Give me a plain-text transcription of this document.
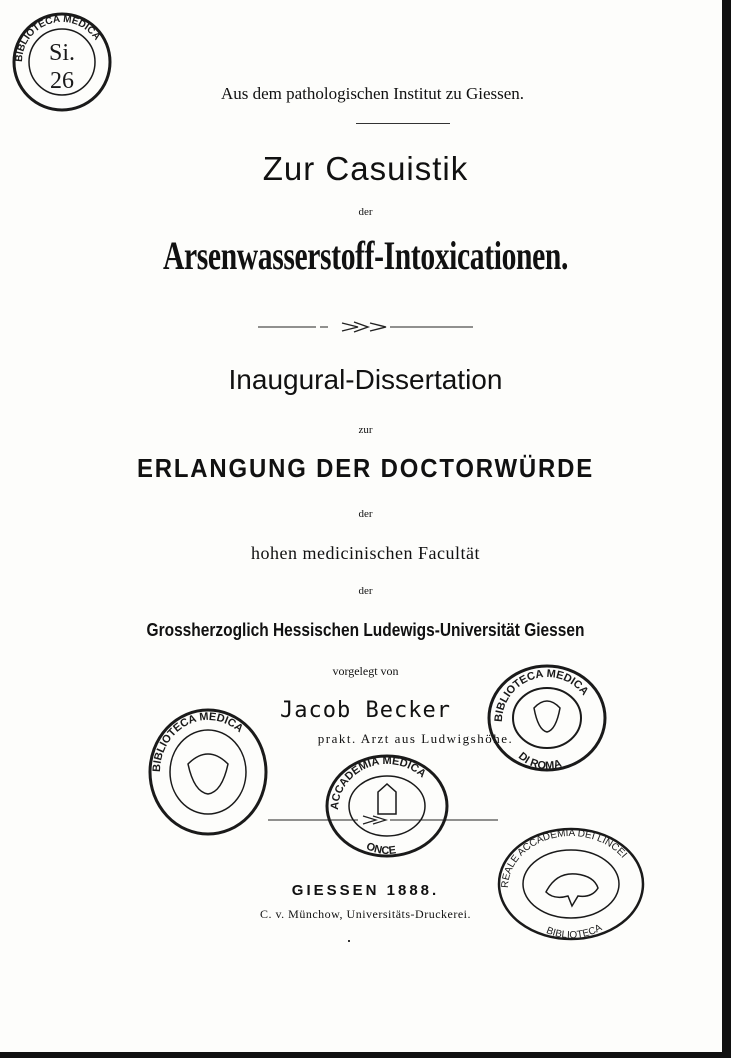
Aus dem pathologischen Institut zu Giessen.
Zur Casuistik
der
Arsenwasserstoff-Intoxicationen.
Inaugural-Dissertation
zur
ERLANGUNG DER DOCTORWÜRDE
der
hohen medicinischen Facultät
der
Grossherzoglich Hessischen Ludewigs-Universität Giessen
vorgelegt von
Jacob Becker
prakt. Arzt aus Ludwigshöhe.
GIESSEN 1888.
C. v. Münchow, Universitäts-Druckerei.
BIBLIOTECA MEDICA
Si.
26
BIBLIOTECA MEDICA
DI ROMA
BIBLIOTECA MEDICA
ACCADEMIA MEDICA
ONCE
REALE ACCADEMIA DEI LINCEI
BIBLIOTECA
